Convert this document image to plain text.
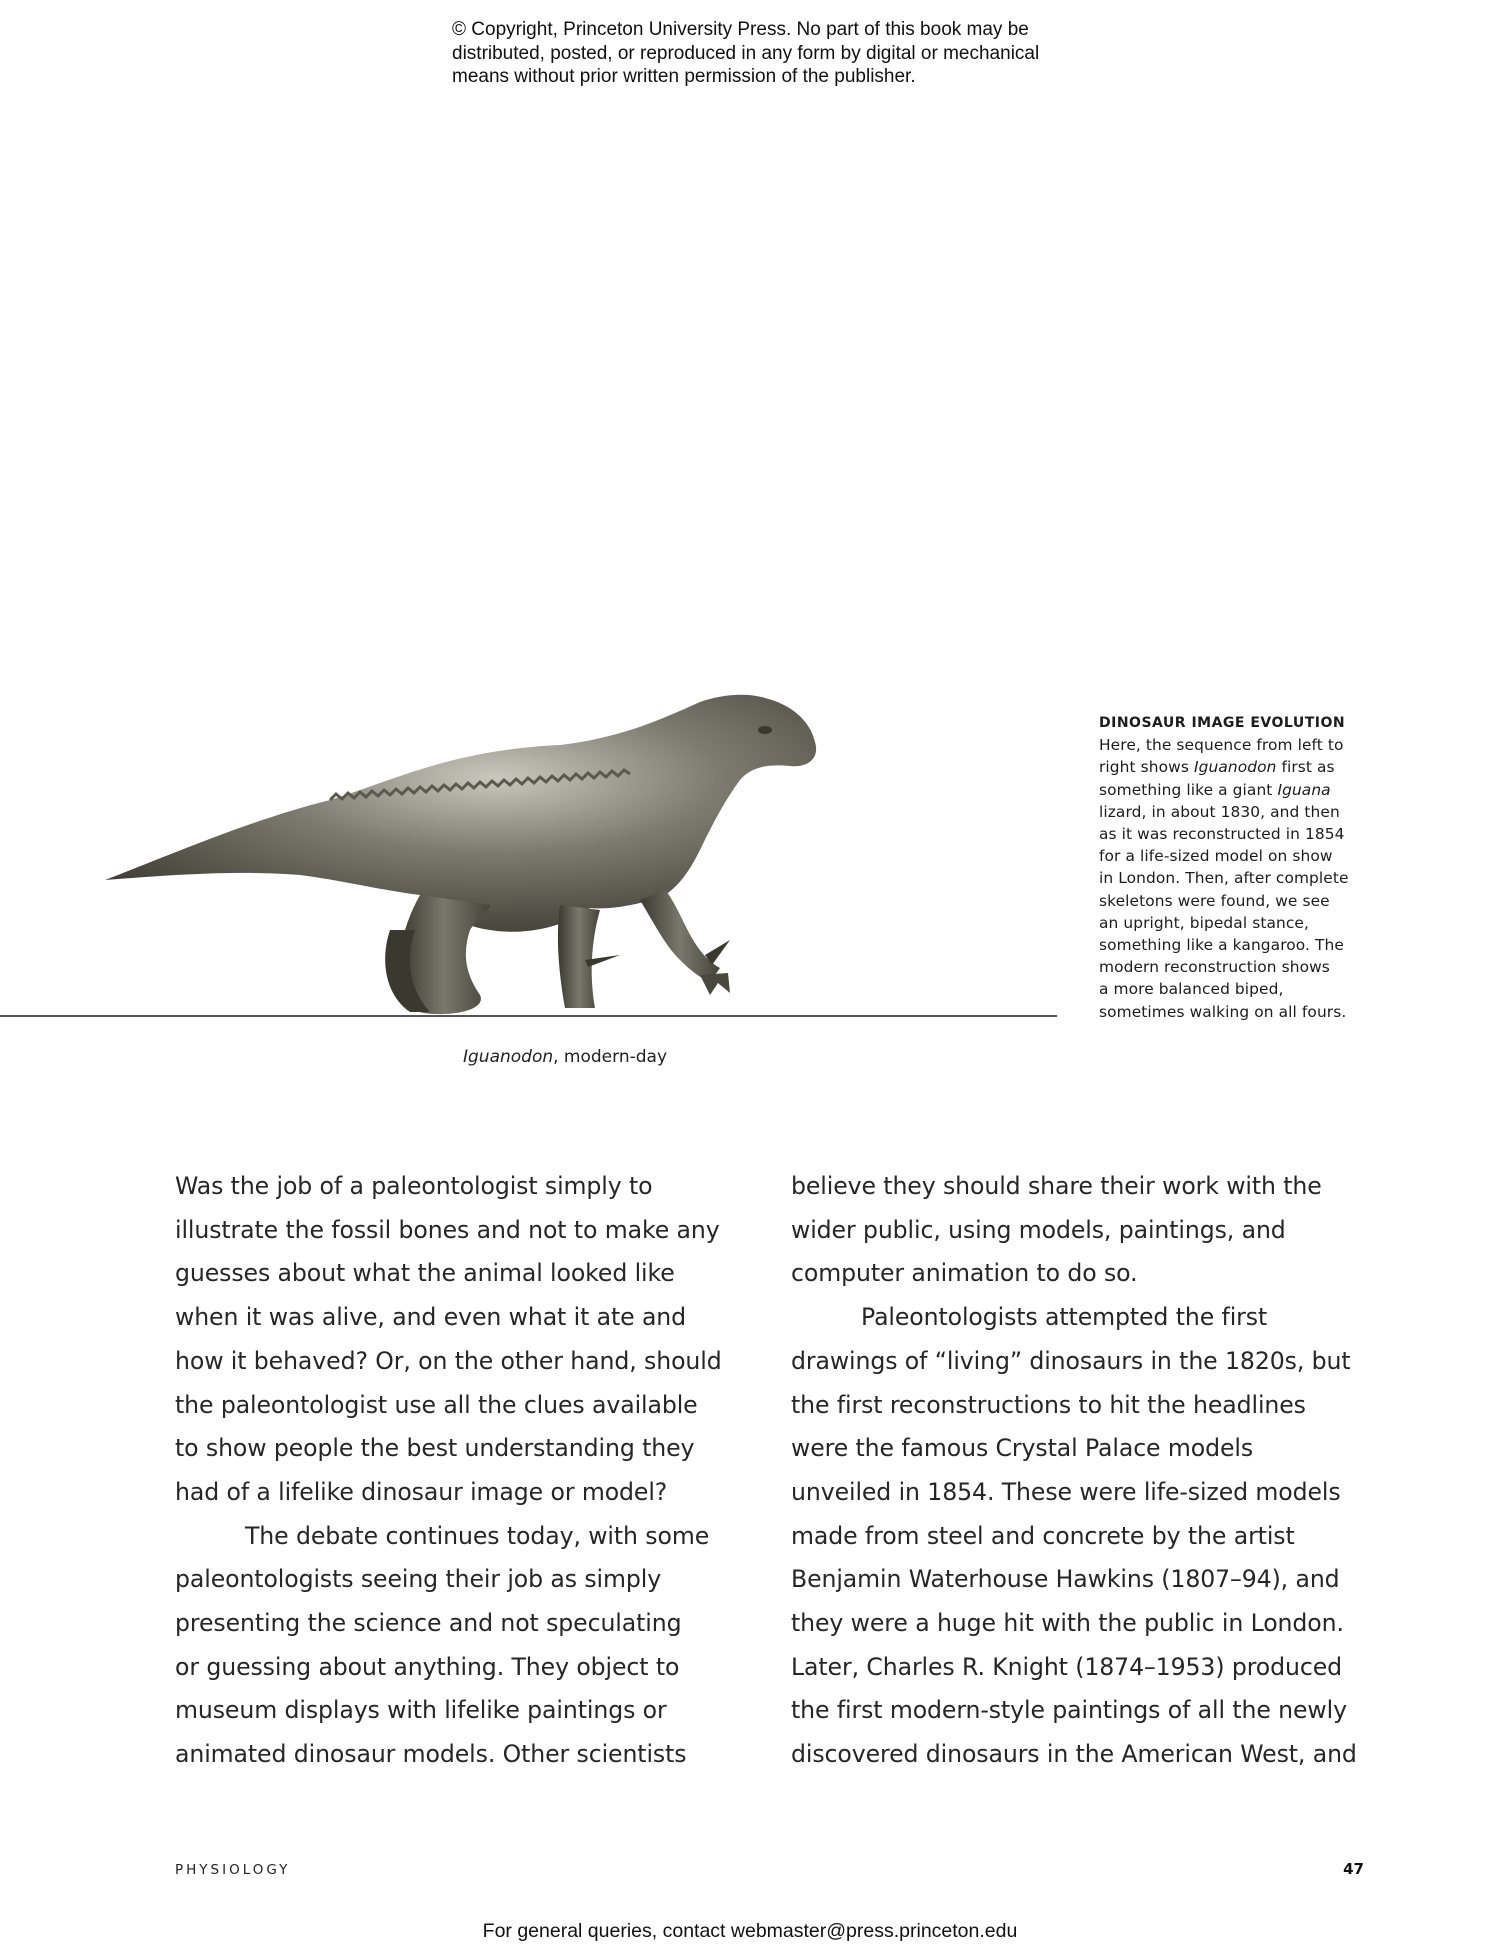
© Copyright, Princeton University Press. No part of this book may be
distributed, posted, or reproduced in any form by digital or mechanical
means without prior written permission of the publisher.
Iguanodon, modern-day
DINOSAUR IMAGE EVOLUTION
Here, the sequence from left to
right shows Iguanodon first as
something like a giant Iguana
lizard, in about 1830, and then
as it was reconstructed in 1854
for a life-sized model on show
in London. Then, after complete
skeletons were found, we see
an upright, bipedal stance,
something like a kangaroo. The
modern reconstruction shows
a more balanced biped,
sometimes walking on all fours.
Was the job of a paleontologist simply to
illustrate the fossil bones and not to make any
guesses about what the animal looked like
when it was alive, and even what it ate and
how it behaved? Or, on the other hand, should
the paleontologist use all the clues available
to show people the best understanding they
had of a lifelike dinosaur image or model?
The debate continues today, with some
paleontologists seeing their job as simply
presenting the science and not speculating
or guessing about anything. They object to
museum displays with lifelike paintings or
animated dinosaur models. Other scientists
believe they should share their work with the
wider public, using models, paintings, and
computer animation to do so.
Paleontologists attempted the first
drawings of “living” dinosaurs in the 1820s, but
the first reconstructions to hit the headlines
were the famous Crystal Palace models
unveiled in 1854. These were life-sized models
made from steel and concrete by the artist
Benjamin Waterhouse Hawkins (1807–94), and
they were a huge hit with the public in London.
Later, Charles R. Knight (1874–1953) produced
the first modern-style paintings of all the newly
discovered dinosaurs in the American West, and
PHYSIOLOGY	47
For general queries, contact webmaster@press.princeton.edu
